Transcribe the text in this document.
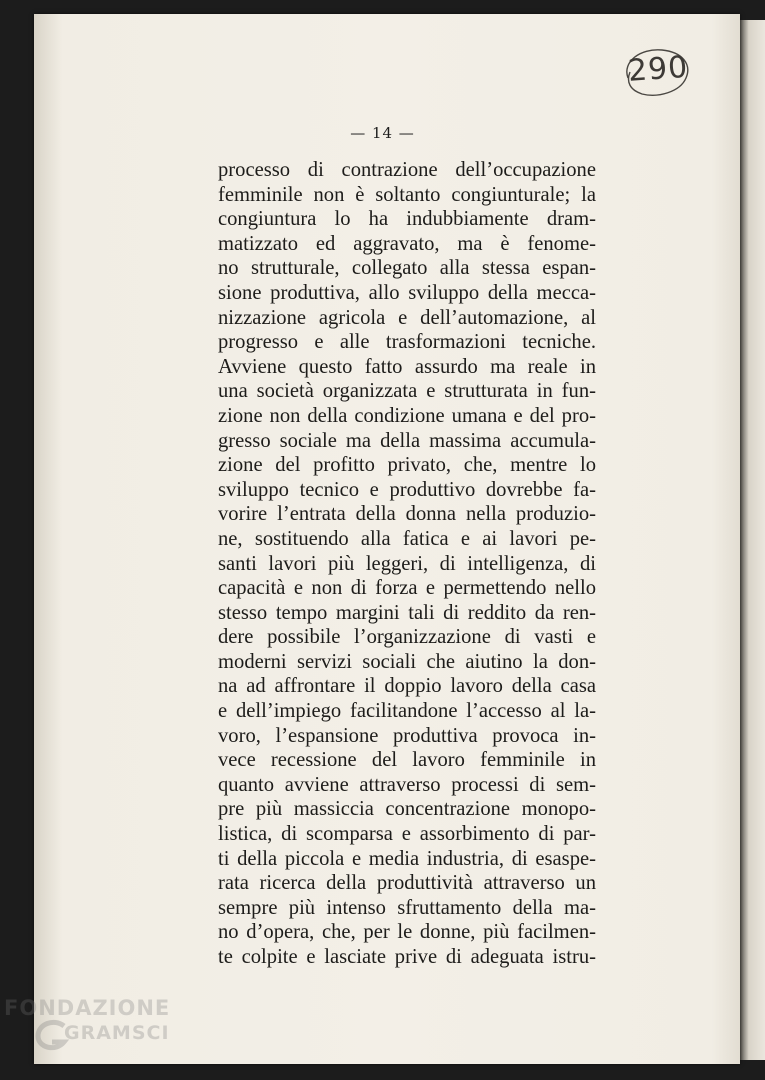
290
— 14 —
processo di contrazione dell’occupazione
femminile non è soltanto congiunturale; la
congiuntura lo ha indubbiamente dram-
matizzato ed aggravato, ma è fenome-
no strutturale, collegato alla stessa espan-
sione produttiva, allo sviluppo della mecca-
nizzazione agricola e dell’automazione, al
progresso e alle trasformazioni tecniche.
Avviene questo fatto assurdo ma reale in
una società organizzata e strutturata in fun-
zione non della condizione umana e del pro-
gresso sociale ma della massima accumula-
zione del profitto privato, che, mentre lo
sviluppo tecnico e produttivo dovrebbe fa-
vorire l’entrata della donna nella produzio-
ne, sostituendo alla fatica e ai lavori pe-
santi lavori più leggeri, di intelligenza, di
capacità e non di forza e permettendo nello
stesso tempo margini tali di reddito da ren-
dere possibile l’organizzazione di vasti e
moderni servizi sociali che aiutino la don-
na ad affrontare il doppio lavoro della casa
e dell’impiego facilitandone l’accesso al la-
voro, l’espansione produttiva provoca in-
vece recessione del lavoro femminile in
quanto avviene attraverso processi di sem-
pre più massiccia concentrazione monopo-
listica, di scomparsa e assorbimento di par-
ti della piccola e media industria, di esaspe-
rata ricerca della produttività attraverso un
sempre più intenso sfruttamento della ma-
no d’opera, che, per le donne, più facilmen-
te colpite e lasciate prive di adeguata istru-
FONDAZIONE
GRAMSCI
